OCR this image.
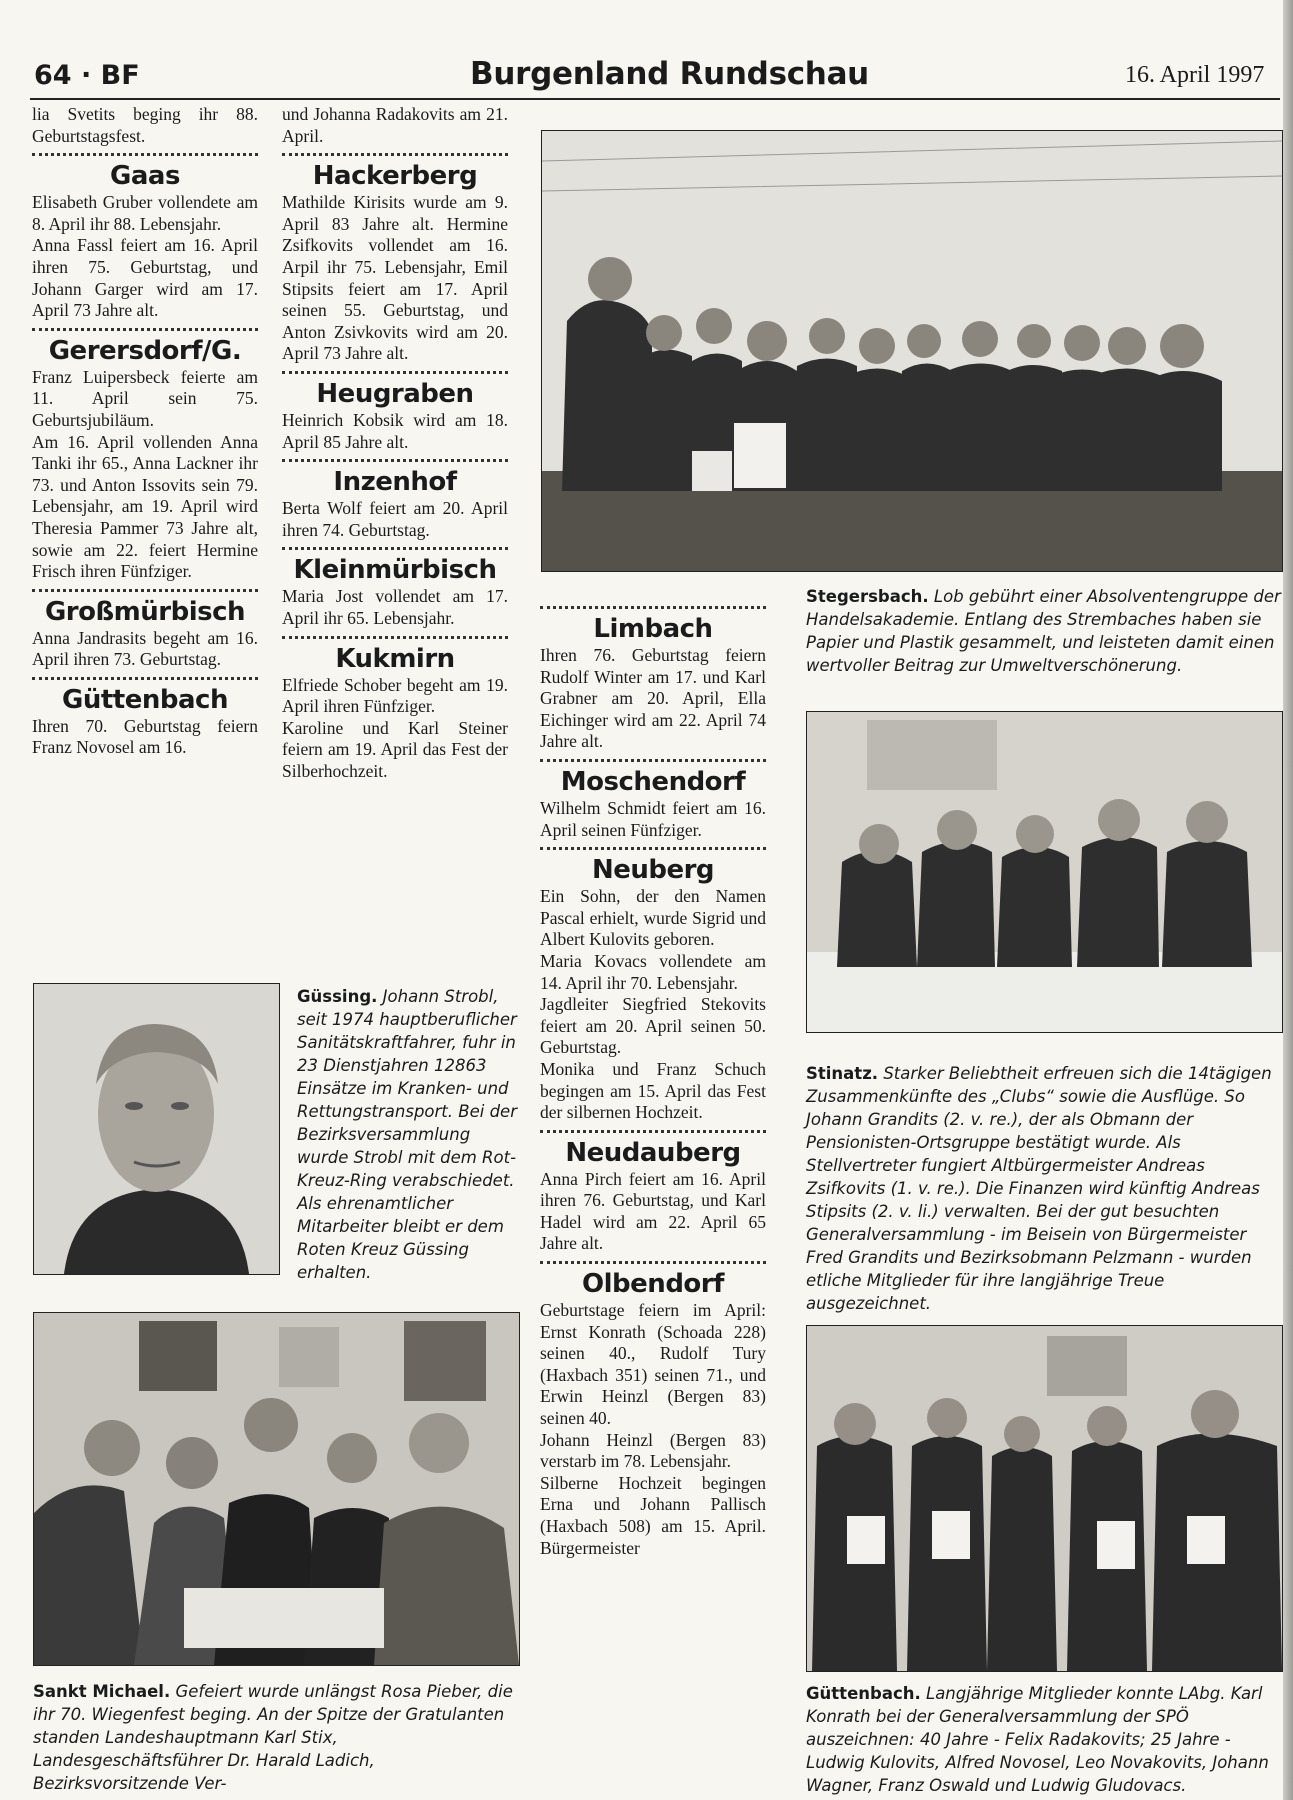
64 · BF	Burgenland Rundschau	16. April 1997

lia Svetits beging ihr 88. Geburtstagsfest.

Gaas

Elisabeth Gruber vollendete am 8. April ihr 88. Lebensjahr.

Anna Fassl feiert am 16. April ihren 75. Geburtstag, und Johann Garger wird am 17. April 73 Jahre alt.

Gerersdorf/G.

Franz Luipersbeck feierte am 11. April sein 75. Geburtsjubiläum.

Am 16. April vollenden Anna Tanki ihr 65., Anna Lackner ihr 73. und Anton Issovits sein 79. Lebensjahr, am 19. April wird Theresia Pammer 73 Jahre alt, sowie am 22. feiert Hermine Frisch ihren Fünfziger.

Großmürbisch

Anna Jandrasits begeht am 16. April ihren 73. Geburtstag.

Güttenbach

Ihren 70. Geburtstag feiern Franz Novosel am 16.

und Johanna Radakovits am 21. April.

Hackerberg

Mathilde Kirisits wurde am 9. April 83 Jahre alt. Hermine Zsifkovits vollendet am 16. Arpil ihr 75. Lebensjahr, Emil Stipsits feiert am 17. April seinen 55. Geburtstag, und Anton Zsivkovits wird am 20. April 73 Jahre alt.

Heugraben

Heinrich Kobsik wird am 18. April 85 Jahre alt.

Inzenhof

Berta Wolf feiert am 20. April ihren 74. Geburtstag.

Kleinmürbisch

Maria Jost vollendet am 17. April ihr 65. Lebensjahr.

Kukmirn

Elfriede Schober begeht am 19. April ihren Fünfziger.

Karoline und Karl Steiner feiern am 19. April das Fest der Silberhochzeit.

Limbach

Ihren 76. Geburtstag feiern Rudolf Winter am 17. und Karl Grabner am 20. April, Ella Eichinger wird am 22. April 74 Jahre alt.

Moschendorf

Wilhelm Schmidt feiert am 16. April seinen Fünfziger.

Neuberg

Ein Sohn, der den Namen Pascal erhielt, wurde Sigrid und Albert Kulovits geboren.

Maria Kovacs vollendete am 14. April ihr 70. Lebensjahr.

Jagdleiter Siegfried Stekovits feiert am 20. April seinen 50. Geburtstag.

Monika und Franz Schuch begingen am 15. April das Fest der silbernen Hochzeit.

Neudauberg

Anna Pirch feiert am 16. April ihren 76. Geburtstag, und Karl Hadel wird am 22. April 65 Jahre alt.

Olbendorf

Geburtstage feiern im April: Ernst Konrath (Schoada 228) seinen 40., Rudolf Tury (Haxbach 351) seinen 71., und Erwin Heinzl (Bergen 83) seinen 40.

Johann Heinzl (Bergen 83) verstarb im 78. Lebensjahr.

Silberne Hochzeit begingen Erna und Johann Pallisch (Haxbach 508) am 15. April. Bürgermeister

Güssing. Johann Strobl, seit 1974 hauptberuflicher Sanitätskraftfahrer, fuhr in 23 Dienstjahren 12863 Einsätze im Kranken- und Rettungstransport. Bei der Bezirksversammlung wurde Strobl mit dem Rot-Kreuz-Ring verabschiedet. Als ehrenamtlicher Mitarbeiter bleibt er dem Roten Kreuz Güssing erhalten.
Sankt Michael. Gefeiert wurde unlängst Rosa Pieber, die ihr 70. Wiegenfest beging. An der Spitze der Gratulanten standen Landeshauptmann Karl Stix, Landesgeschäftsführer Dr. Harald Ladich, Bezirksvorsitzende Ver-
Stegersbach. Lob gebührt einer Absolventengruppe der Handelsakademie. Entlang des Strembaches haben sie Papier und Plastik gesammelt, und leisteten damit einen wertvoller Beitrag zur Umweltverschönerung.
Stinatz. Starker Beliebtheit erfreuen sich die 14tägigen Zusammenkünfte des „Clubs“ sowie die Ausflüge. So Johann Grandits (2. v. re.), der als Obmann der Pensionisten-Ortsgruppe bestätigt wurde. Als Stellvertreter fungiert Altbürgermeister Andreas Zsifkovits (1. v. re.). Die Finanzen wird künftig Andreas Stipsits (2. v. li.) verwalten. Bei der gut besuchten Generalversammlung - im Beisein von Bürgermeister Fred Grandits und Bezirksobmann Pelzmann - wurden etliche Mitglieder für ihre langjährige Treue ausgezeichnet.
Güttenbach. Langjährige Mitglieder konnte LAbg. Karl Konrath bei der Generalversammlung der SPÖ auszeichnen: 40 Jahre - Felix Radakovits; 25 Jahre - Ludwig Kulovits, Alfred Novosel, Leo Novakovits, Johann Wagner, Franz Oswald und Ludwig Gludovacs.
